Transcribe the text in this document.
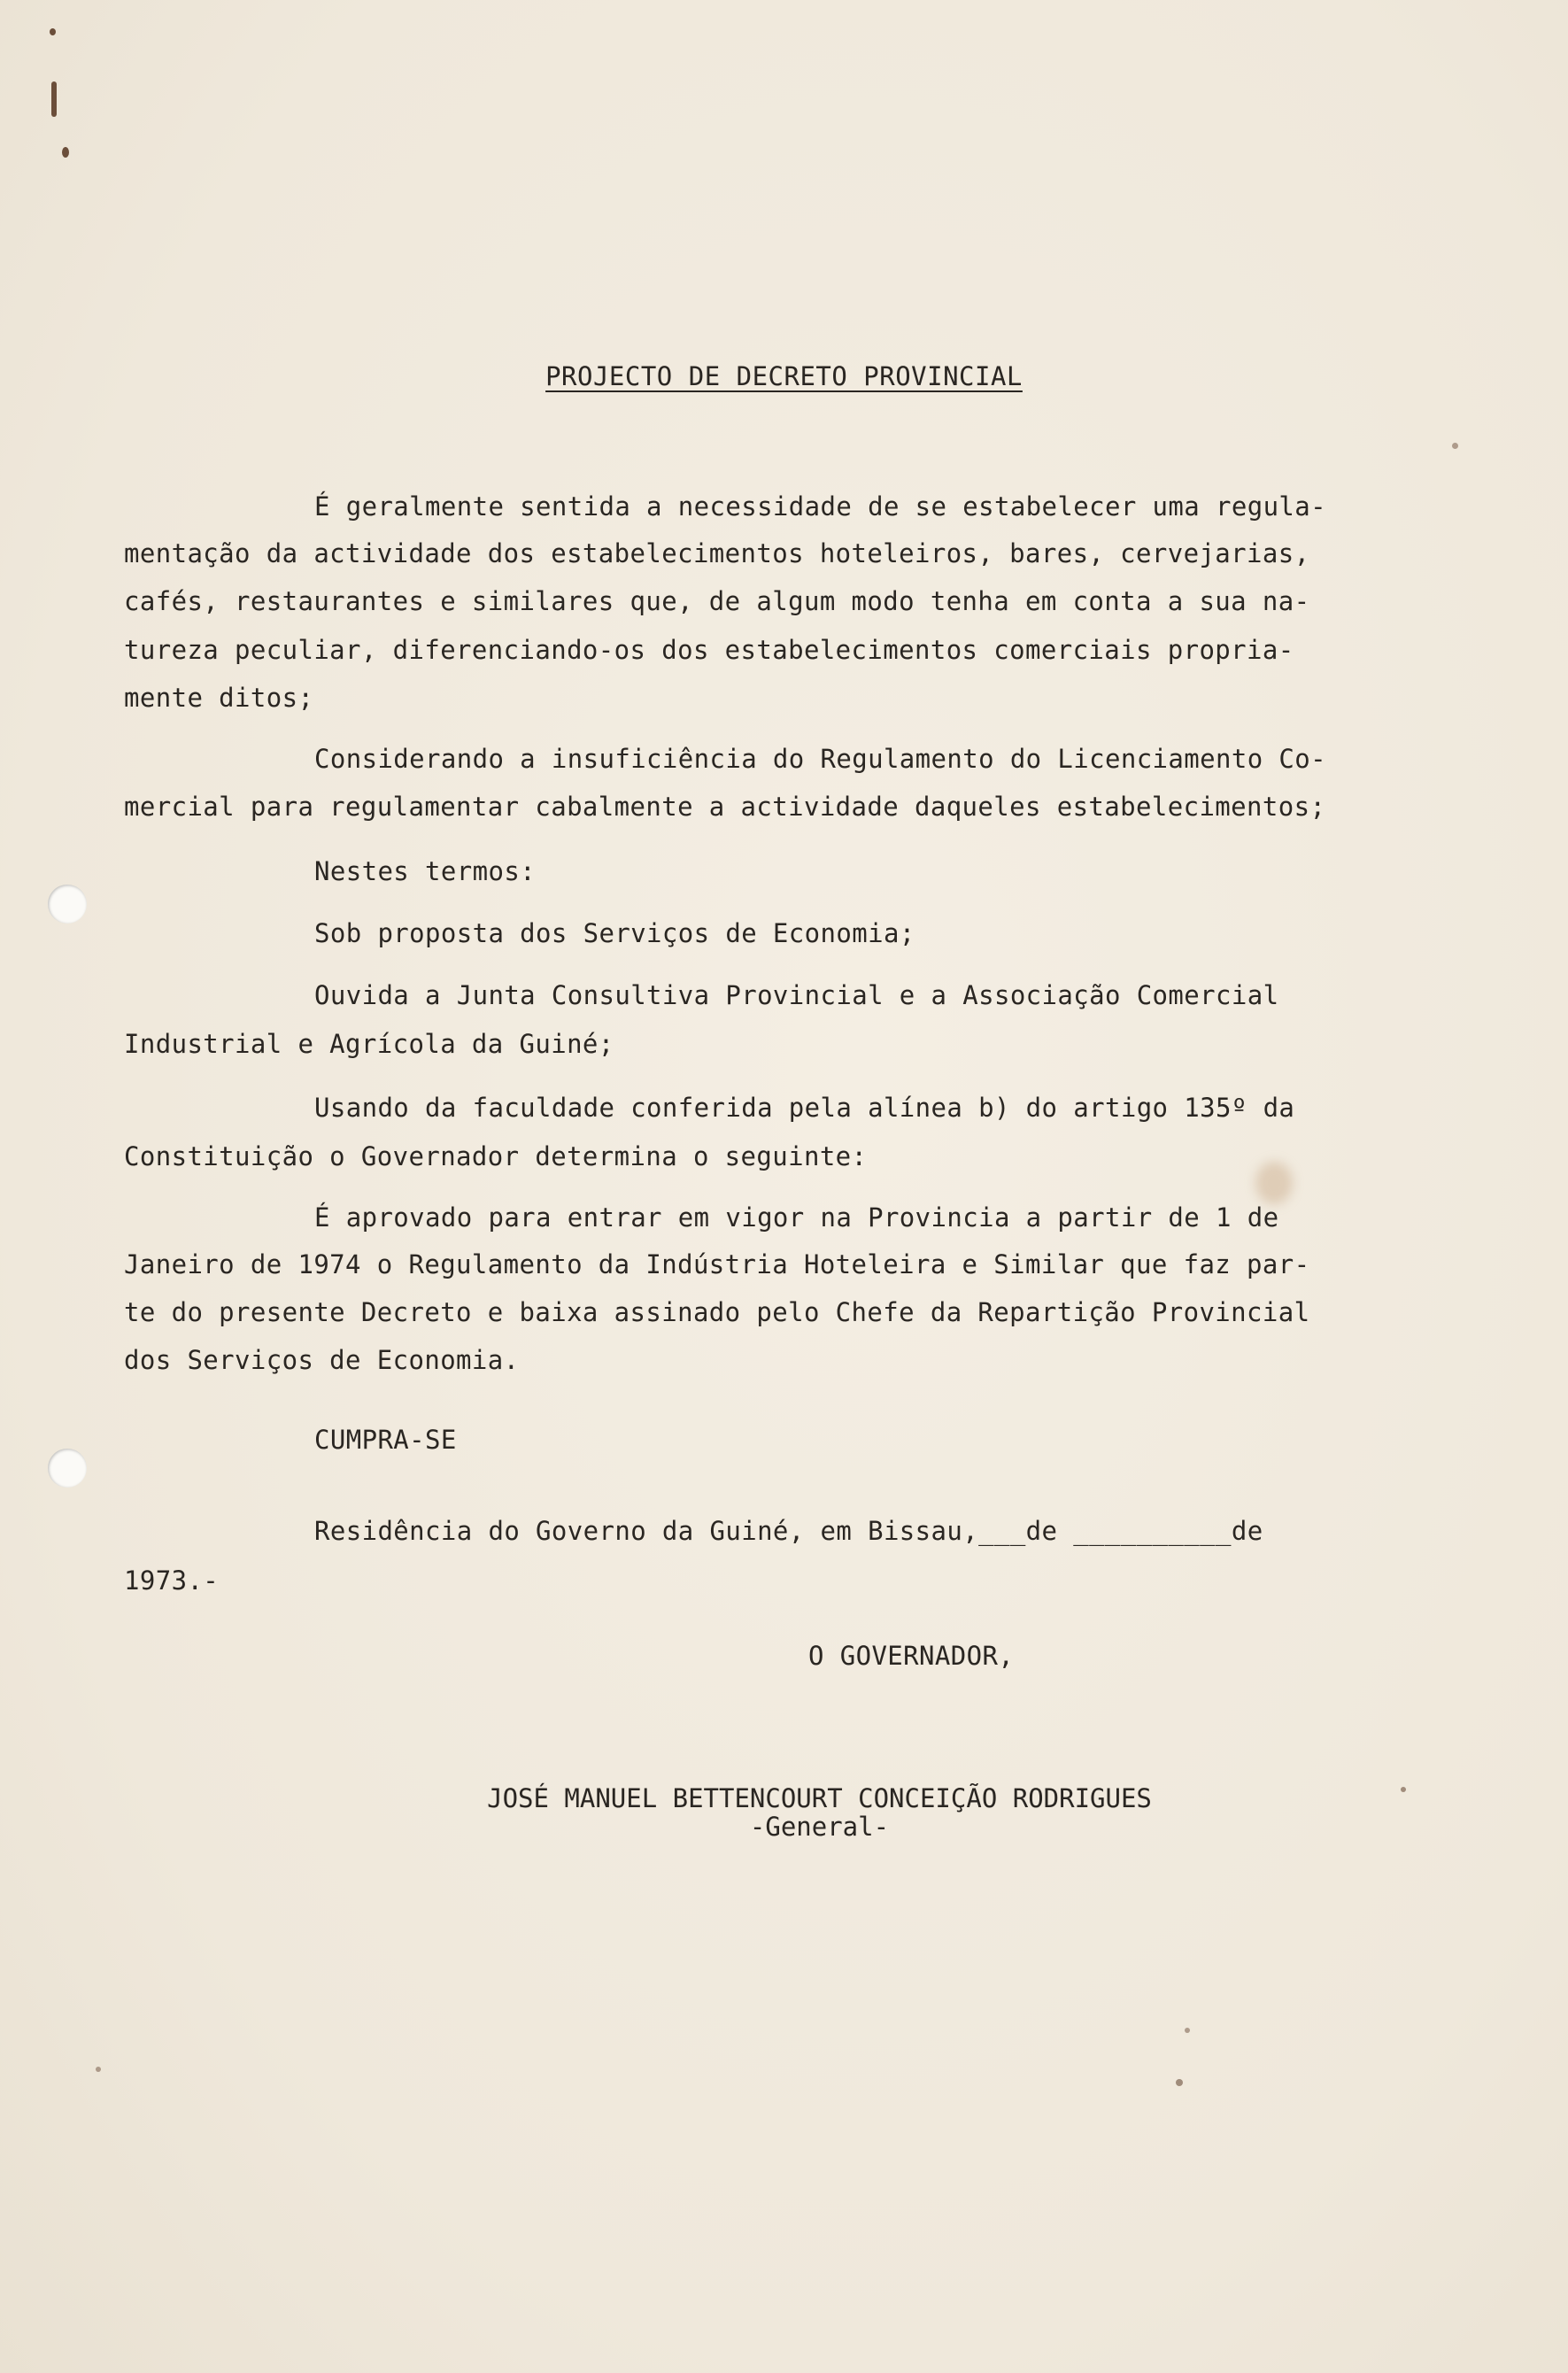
PROJECTO DE DECRETO PROVINCIAL
É geralmente sentida a necessidade de se estabelecer uma regula-
mentação da actividade dos estabelecimentos hoteleiros, bares, cervejarias,
cafés, restaurantes e similares que, de algum modo tenha em conta a sua na-
tureza peculiar, diferenciando-os dos estabelecimentos comerciais propria-
mente ditos;
Considerando a insuficiência do Regulamento do Licenciamento Co-
mercial para regulamentar cabalmente a actividade daqueles estabelecimentos;
Nestes termos:
Sob proposta dos Serviços de Economia;
Ouvida a Junta Consultiva Provincial e a Associação Comercial
Industrial e Agrícola da Guiné;
Usando da faculdade conferida pela alínea b) do artigo 135º da
Constituição o Governador determina o seguinte:
É aprovado para entrar em vigor na Provincia a partir de 1 de
Janeiro de 1974 o Regulamento da Indústria Hoteleira e Similar que faz par-
te do presente Decreto e baixa assinado pelo Chefe da Repartição Provincial
dos Serviços de Economia.
CUMPRA-SE
Residência do Governo da Guiné, em Bissau,___de __________de
1973.-
O GOVERNADOR,
JOSÉ MANUEL BETTENCOURT CONCEIÇÃO RODRIGUES
-General-
